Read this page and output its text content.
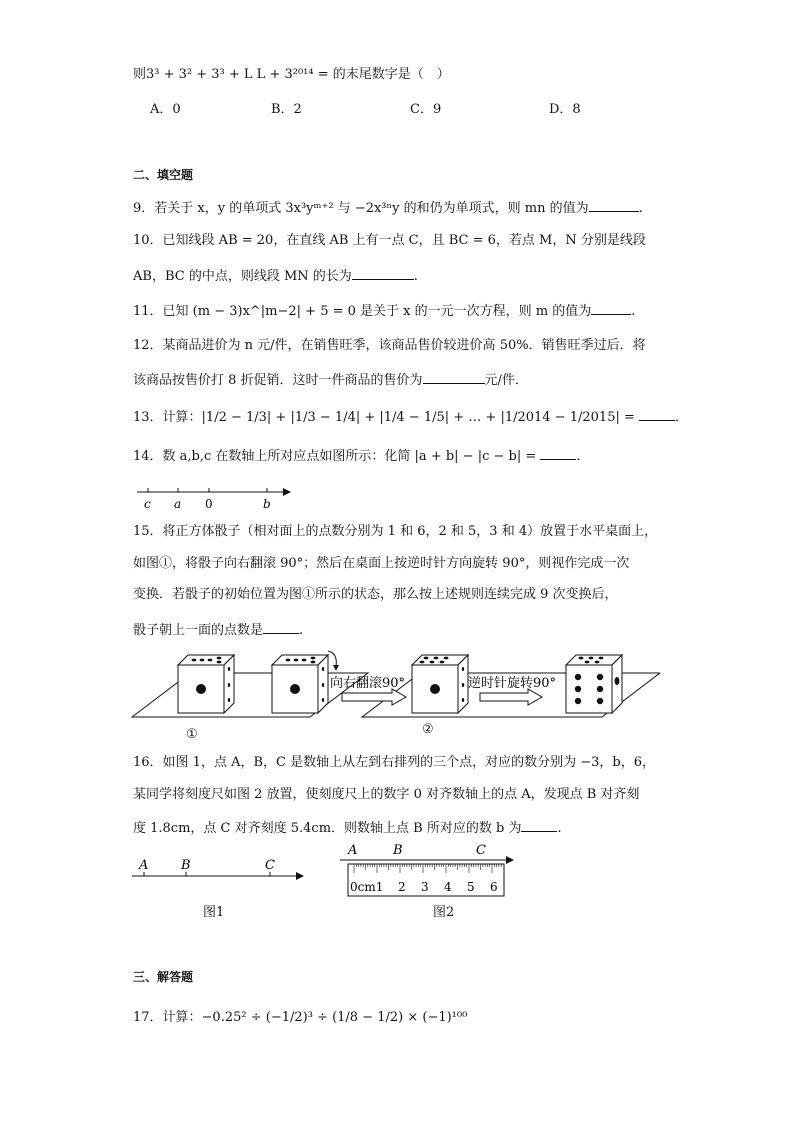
则3³ + 3² + 3³ + L L + 3²⁰¹⁴ = 的末尾数字是（　）
A．0	B．2	C．9	D．8
二、填空题
9．若关于 x，y 的单项式 3x³yᵐ⁺² 与 −2x³ⁿy 的和仍为单项式，则 mn 的值为	.
10．已知线段 AB = 20，在直线 AB 上有一点 C，且 BC = 6，若点 M，N 分别是线段
AB，BC 的中点，则线段 MN 的长为	.
11．已知 (m − 3)x^|m−2| + 5 = 0 是关于 x 的一元一次方程，则 m 的值为	.
12．某商品进价为 n 元/件，在销售旺季，该商品售价较进价高 50%．销售旺季过后．将
该商品按售价打 8 折促销．这时一件商品的售价为	元/件．
13．计算：|1/2 − 1/3| + |1/3 − 1/4| + |1/4 − 1/5| + … + |1/2014 − 1/2015| =	．
14．数 a,b,c 在数轴上所对应点如图所示：化简 |a + b| − |c − b| =	．
c a 0	b
15．将正方体骰子（相对面上的点数分别为 1 和 6，2 和 5，3 和 4）放置于水平桌面上，
如图①，将骰子向右翻滚 90°；然后在桌面上按逆时针方向旋转 90°，则视作完成一次
变换．若骰子的初始位置为图①所示的状态，那么按上述规则连续完成 9 次变换后，
骰子朝上一面的点数是	.
向右翻滚90°	逆时针旋转90°
①	②
16．如图 1，点 A，B，C 是数轴上从左到右排列的三个点，对应的数分别为 −3，b，6，
某同学将刻度尺如图 2 放置，使刻度尺上的数字 0 对齐数轴上的点 A，发现点 B 对齐刻
度 1.8cm，点 C 对齐刻度 5.4cm．则数轴上点 B 所对应的数 b 为	.
A	B	C
A	B	C
0cm1 2 3 4 5 6
图1	图2
三、解答题
17．计算：−0.25² ÷ (−1/2)³ ÷ (1/8 − 1/2) × (−1)¹⁰⁰
